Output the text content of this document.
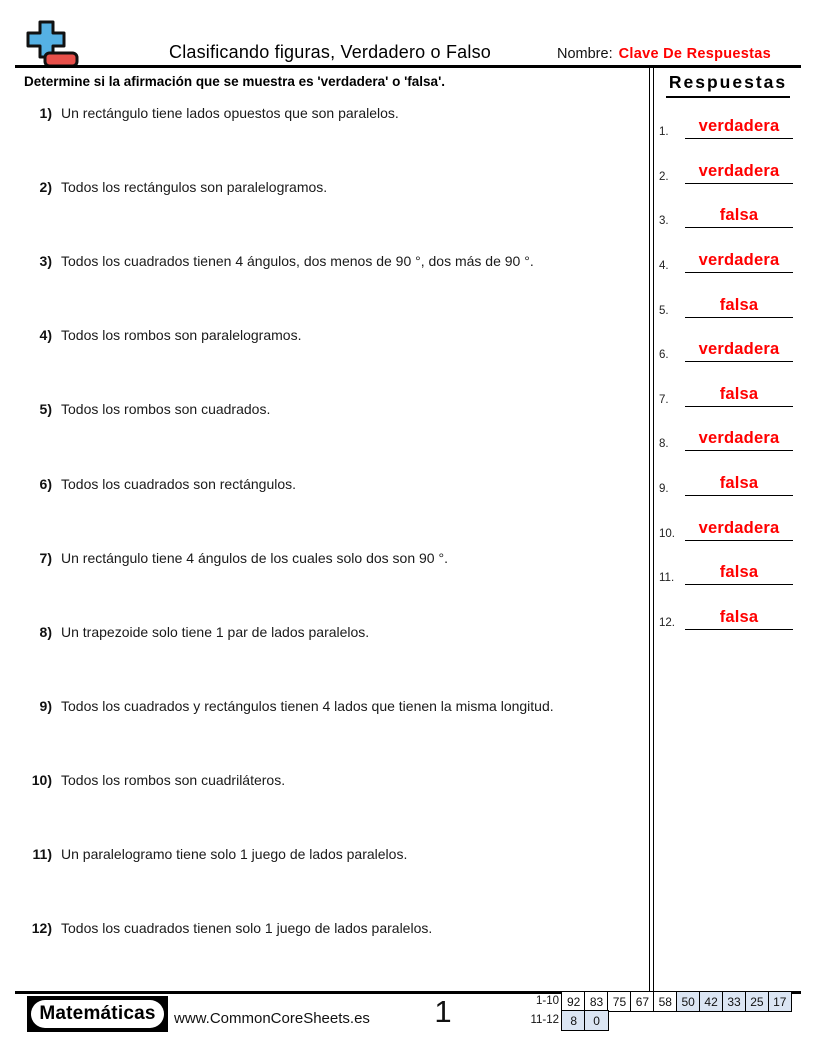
Clasificando figuras, Verdadero o Falso	Nombre: Clave De Respuestas
Determine si la afirmación que se muestra es 'verdadera' o 'falsa'.
1) Un rectángulo tiene lados opuestos que son paralelos.
2) Todos los rectángulos son paralelogramos.
3) Todos los cuadrados tienen 4 ángulos, dos menos de 90 °, dos más de 90 °.
4) Todos los rombos son paralelogramos.
5) Todos los rombos son cuadrados.
6) Todos los cuadrados son rectángulos.
7) Un rectángulo tiene 4 ángulos de los cuales solo dos son 90 °.
8) Un trapezoide solo tiene 1 par de lados paralelos.
9) Todos los cuadrados y rectángulos tienen 4 lados que tienen la misma longitud.
10) Todos los rombos son cuadriláteros.
11) Un paralelogramo tiene solo 1 juego de lados paralelos.
12) Todos los cuadrados tienen solo 1 juego de lados paralelos.
Respuestas
1.	verdadera
2.	verdadera
3.	falsa
4.	verdadera
5.	falsa
6.	verdadera
7.	falsa
8.	verdadera
9.	falsa
10.	verdadera
11.	falsa
12.	falsa
Matemáticas	www.CommonCoreSheets.es	1	1-10 92 83 75 67 58 50 42 33 25 17
11-12 8	0
